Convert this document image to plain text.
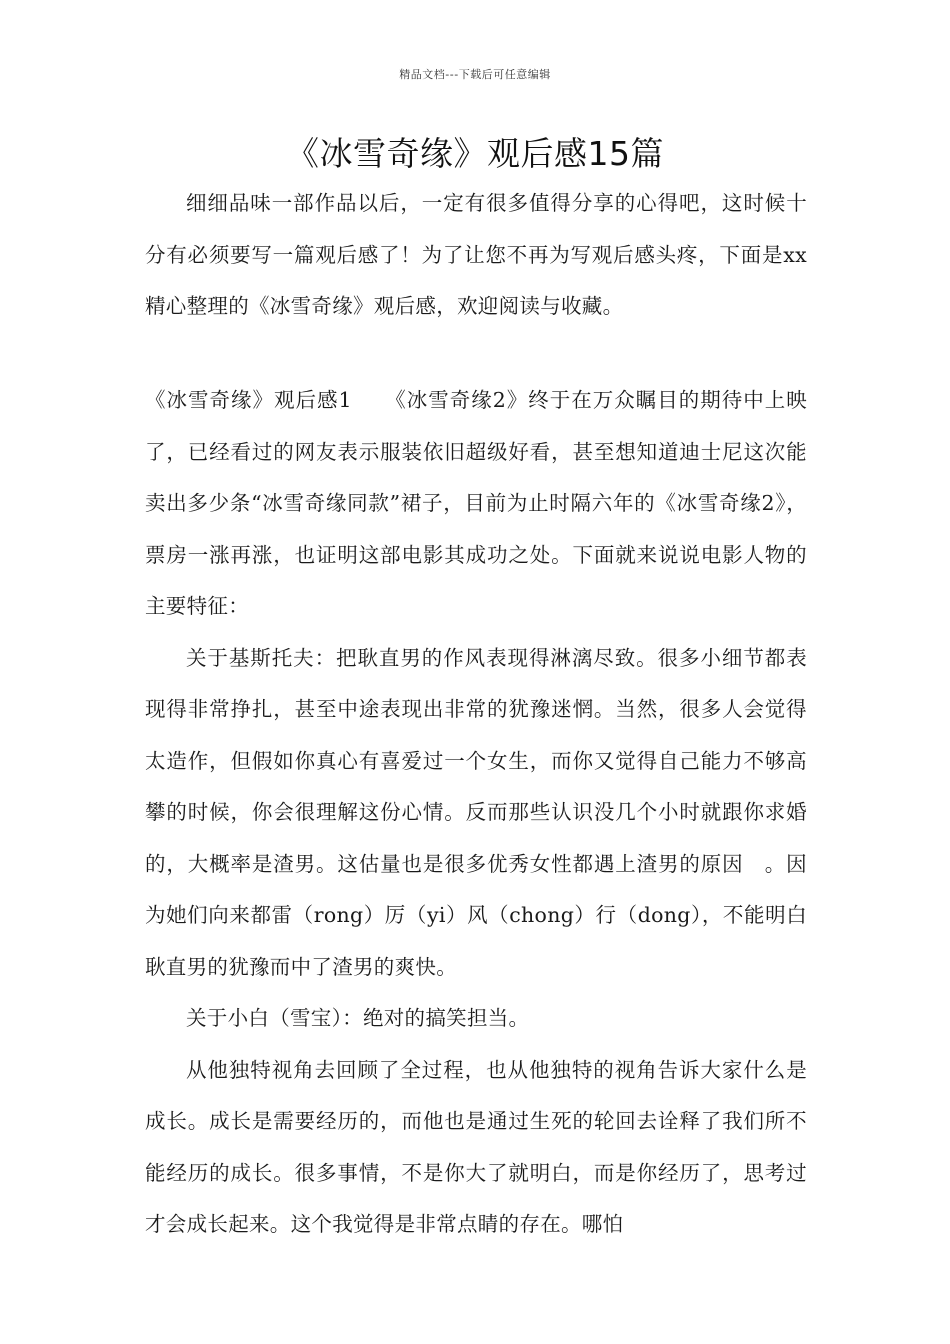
精品文档---下载后可任意编辑
《冰雪奇缘》观后感15篇

细细品味一部作品以后，一定有很多值得分享的心得吧，这时候十分有必须要写一篇观后感了！为了让您不再为写观后感头疼，下面是xx精心整理的《冰雪奇缘》观后感，欢迎阅读与收藏。

《冰雪奇缘》观后感1　　《冰雪奇缘2》终于在万众瞩目的期待中上映了，已经看过的网友表示服装依旧超级好看，甚至想知道迪士尼这次能卖出多少条“冰雪奇缘同款”裙子，目前为止时隔六年的《冰雪奇缘2》，票房一涨再涨，也证明这部电影其成功之处。下面就来说说电影人物的主要特征：

关于基斯托夫：把耿直男的作风表现得淋漓尽致。很多小细节都表现得非常挣扎，甚至中途表现出非常的犹豫迷惘。当然，很多人会觉得太造作，但假如你真心有喜爱过一个女生，而你又觉得自己能力不够高攀的时候，你会很理解这份心情。反而那些认识没几个小时就跟你求婚的，大概率是渣男。这估量也是很多优秀女性都遇上渣男的原因　。因为她们向来都雷（rong）厉（yi）风（chong）行（dong），不能明白耿直男的犹豫而中了渣男的爽快。

关于小白（雪宝）：绝对的搞笑担当。

从他独特视角去回顾了全过程，也从他独特的视角告诉大家什么是成长。成长是需要经历的，而他也是通过生死的轮回去诠释了我们所不能经历的成长。很多事情，不是你大了就明白，而是你经历了，思考过才会成长起来。这个我觉得是非常点睛的存在。哪怕
